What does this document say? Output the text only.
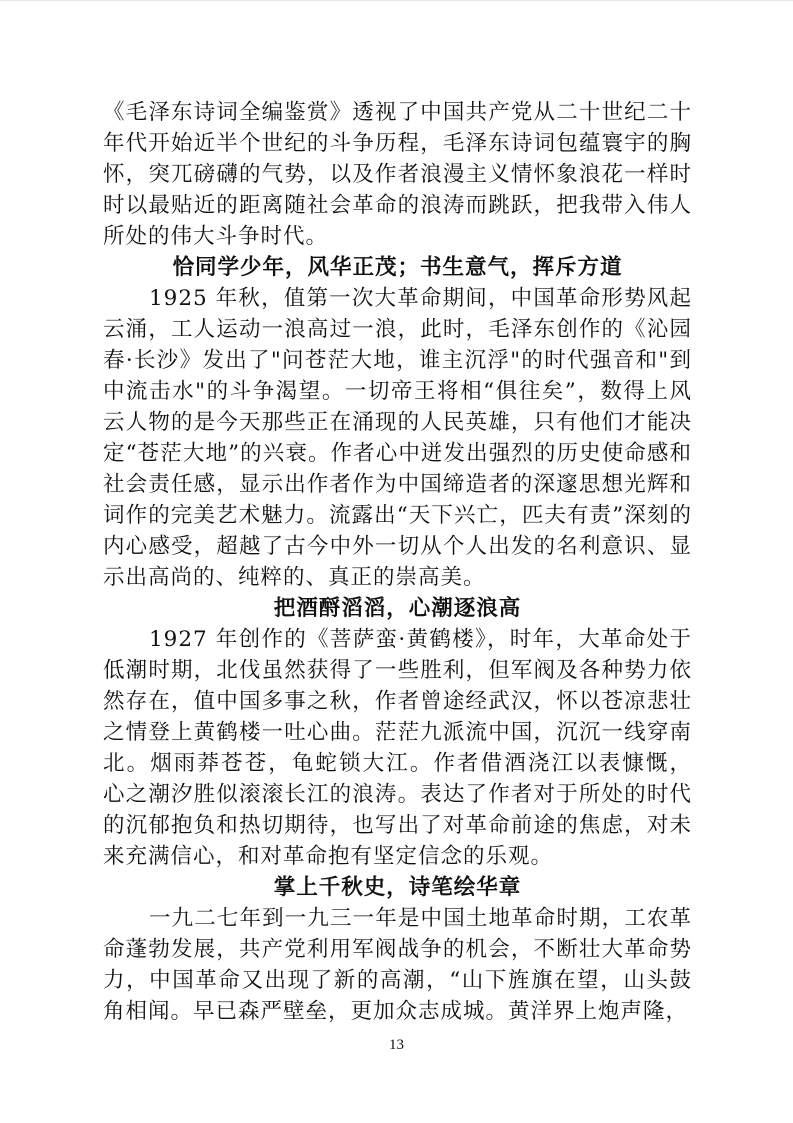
《毛泽东诗词全编鉴赏》透视了中国共产党从二十世纪二十年代开始近半个世纪的斗争历程，毛泽东诗词包蕴寰宇的胸怀，突兀磅礴的气势，以及作者浪漫主义情怀象浪花一样时时以最贴近的距离随社会革命的浪涛而跳跃，把我带入伟人所处的伟大斗争时代。

恰同学少年，风华正茂；书生意气，挥斥方道

1925 年秋，值第一次大革命期间，中国革命形势风起云涌，工人运动一浪高过一浪，此时，毛泽东创作的《沁园春·长沙》发出了"问苍茫大地，谁主沉浮"的时代强音和"到中流击水"的斗争渴望。一切帝王将相“俱往矣”，数得上风云人物的是今天那些正在涌现的人民英雄，只有他们才能决定“苍茫大地”的兴衰。作者心中迸发出强烈的历史使命感和社会责任感，显示出作者作为中国缔造者的深邃思想光辉和词作的完美艺术魅力。流露出“天下兴亡，匹夫有责”深刻的内心感受，超越了古今中外一切从个人出发的名利意识、显示出高尚的、纯粹的、真正的崇高美。

把酒酹滔滔，心潮逐浪高

1927 年创作的《菩萨蛮·黄鹤楼》，时年，大革命处于低潮时期，北伐虽然获得了一些胜利，但军阀及各种势力依然存在，值中国多事之秋，作者曾途经武汉，怀以苍凉悲壮之情登上黄鹤楼一吐心曲。茫茫九派流中国，沉沉一线穿南北。烟雨莽苍苍，龟蛇锁大江。作者借酒浇江以表慷慨， 心之潮汐胜似滚滚长江的浪涛。表达了作者对于所处的时代的沉郁抱负和热切期待，也写出了对革命前途的焦虑，对未来充满信心，和对革命抱有坚定信念的乐观。

掌上千秋史，诗笔绘华章

一九二七年到一九三一年是中国土地革命时期，工农革命蓬勃发展，共产党利用军阀战争的机会，不断壮大革命势力，中国革命又出现了新的高潮，“山下旌旗在望，山头鼓角相闻。早已森严壁垒，更加众志成城。黄洋界上炮声隆，

13
